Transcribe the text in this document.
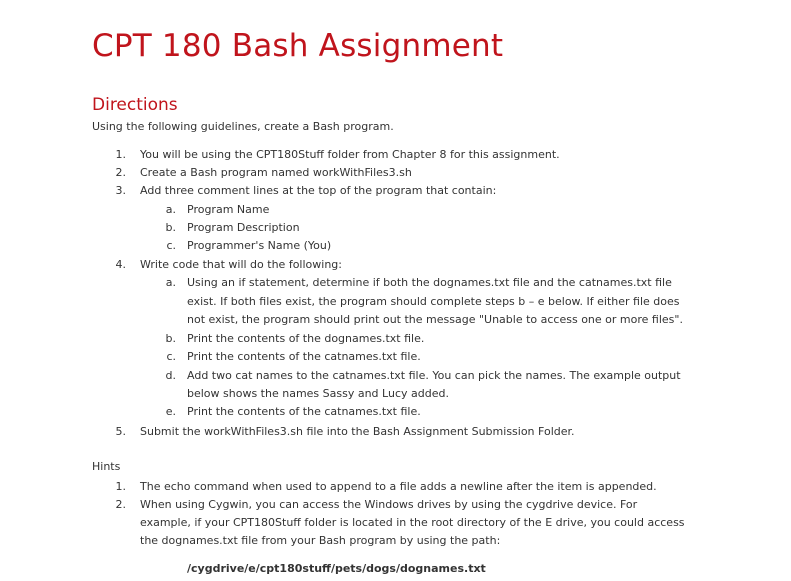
CPT 180 Bash Assignment
Directions
Using the following guidelines, create a Bash program.
1. You will be using the CPT180Stuff folder from Chapter 8 for this assignment.
2. Create a Bash program named workWithFiles3.sh
3. Add three comment lines at the top of the program that contain:
a. Program Name
b. Program Description
c. Programmer's Name (You)
4. Write code that will do the following:
a. Using an if statement, determine if both the dognames.txt file and the catnames.txt file
exist. If both files exist, the program should complete steps b – e below. If either file does
not exist, the program should print out the message "Unable to access one or more files".
b. Print the contents of the dognames.txt file.
c. Print the contents of the catnames.txt file.
d. Add two cat names to the catnames.txt file. You can pick the names. The example output
below shows the names Sassy and Lucy added.
e. Print the contents of the catnames.txt file.
5. Submit the workWithFiles3.sh file into the Bash Assignment Submission Folder.
Hints
1. The echo command when used to append to a file adds a newline after the item is appended.
2. When using Cygwin, you can access the Windows drives by using the cygdrive device. For
example, if your CPT180Stuff folder is located in the root directory of the E drive, you could access
the dognames.txt file from your Bash program by using the path:
/cygdrive/e/cpt180stuff/pets/dogs/dognames.txt
